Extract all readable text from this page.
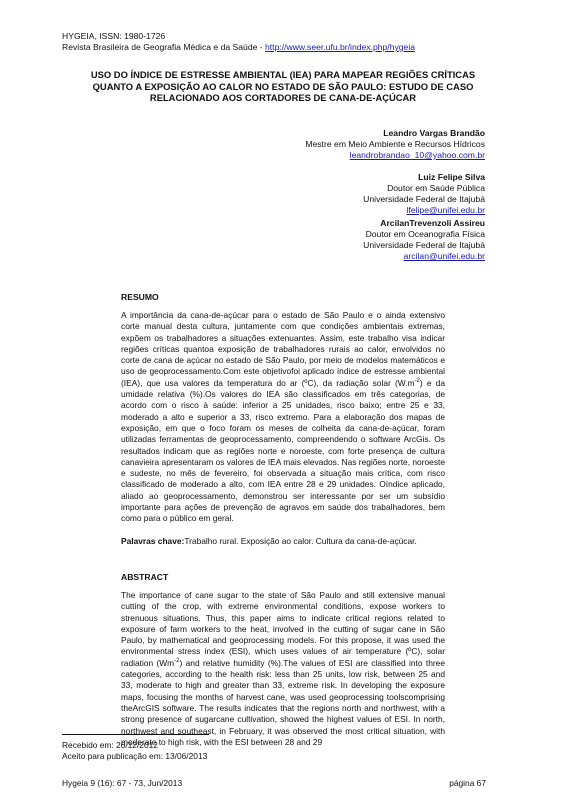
HYGEIA, ISSN: 1980-1726
Revista Brasileira de Geografia Médica e da Saúde - http://www.seer.ufu.br/index.php/hygeia
USO DO ÍNDICE DE ESTRESSE AMBIENTAL (IEA) PARA MAPEAR REGIÕES CRÍTICAS QUANTO A EXPOSIÇÃO AO CALOR NO ESTADO DE SÃO PAULO: ESTUDO DE CASO RELACIONADO AOS CORTADORES DE CANA-DE-AÇÚCAR
Leandro Vargas Brandão
Mestre em Meio Ambiente e Recursos Hídricos
leandrobrandao_10@yahoo.com.br
Luiz Felipe Silva
Doutor em Saúde Pública
Universidade Federal de Itajubá
lfelipe@unifei.edu.br
ArcilanTrevenzoli Assireu
Doutor em Oceanografia Física
Universidade Federal de Itajubá
arcilan@unifei.edu.br
RESUMO
A importância da cana-de-açúcar para o estado de São Paulo e o ainda extensivo corte manual desta cultura, juntamente com que condições ambientais extremas, expõem os trabalhadores a situações extenuantes. Assim, este trabalho visa indicar regiões críticas quantoa exposição de trabalhadores rurais ao calor, envolvidos no corte de cana de açúcar no estado de São Paulo, por meio de modelos matemáticos e uso de geoprocessamento.Com este objetivofoi aplicado índice de estresse ambiental (IEA), que usa valores da temperatura do ar (ºC), da radiação solar $(W.m^{-2})$ e da umidade relativa (%).Os valores do IEA são classificados em três categorias, de acordo com o risco à saúde: inferior a 25 unidades, risco baixo; entre 25 e 33, moderado a alto e superior a 33, risco extremo. Para a elaboração dos mapas de exposição, em que o foco foram os meses de colheita da cana-de-açúcar, foram utilizadas ferramentas de geoprocessamento, compreendendo o software ArcGis. Os resultados indicam que as regiões norte e noroeste, com forte presença de cultura canavieira apresentaram os valores de IEA mais elevados. Nas regiões norte, noroeste e sudeste, no mês de fevereiro, foi observada a situação mais crítica, com risco classificado de moderado a alto, com IEA entre 28 e 29 unidades. Oíndice aplicado, aliado ao geoprocessamento, demonstrou ser interessante por ser um subsídio importante para ações de prevenção de agravos em saúde dos trabalhadores, bem como para o público em geral.
Palavras chave:Trabalho rural. Exposição ao calor. Cultura da cana-de-açúcar.
ABSTRACT
The importance of cane sugar to the state of São Paulo and still extensive manual cutting of the crop, with extreme environmental conditions, expose workers to strenuous situations. Thus, this paper aims to indicate critical regions related to exposure of farm workers to the heat, involved in the cutting of sugar cane in São Paulo, by mathematical and geoprocessing models. For this propose, it was used the environmental stress index (ESI), which uses values of air temperature (ºC), solar radiation $(Wm^{-2})$ and relative humidity (%).The values of ESI are classified into three categories, according to the health risk: less than 25 units, low risk, between 25 and 33, moderate to high and greater than 33, extreme risk. In developing the exposure maps, focusing the months of harvest cane, was used geoprocessing toolscomprising theArcGIS software. The results indicates that the regions north and northwest, with a strong presence of sugarcane cultivation, showed the highest values of ESI. In north, northwest and southeast, in February, it was observed the most critical situation, with moderate to high risk, with the ESI between 28 and 29
Recebido em: 26/12/2012
Aceito para publicação em: 13/06/2013
Hygeia 9 (16): 67 - 73, Jun/2013	página 67
